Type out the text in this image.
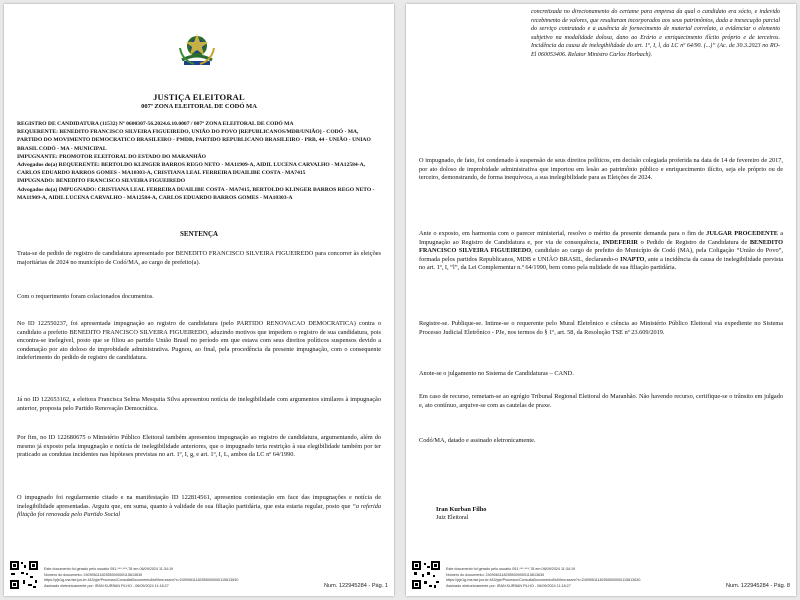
JUSTIÇA ELEITORAL
007ª ZONA ELEITORAL DE CODÓ MA
REGISTRO DE CANDIDATURA (11532) Nº 0600307-56.2024.6.10.0007 / 007ª ZONA ELEITORAL DE CODÓ MA
REQUERENTE: BENEDITO FRANCISCO SILVEIRA FIGUEIREDO, UNIÃO DO POVO [REPUBLICANOS/MDB/UNIÃO] - CODÓ - MA, PARTIDO DO MOVIMENTO DEMOCRATICO BRASILEIRO - PMDB, PARTIDO REPUBLICANO BRASILEIRO - PRB, 44 - UNIÃO - UNIAO BRASIL CODÓ - MA - MUNICIPAL
IMPUGNANTE: PROMOTOR ELEITORAL DO ESTADO DO MARANHÃO
Advogados do(a) REQUERENTE: BERTOLDO KLINGER BARROS REGO NETO - MA11909-A, AIDIL LUCENA CARVALHO - MA12584-A, CARLOS EDUARDO BARROS GOMES - MA10303-A, CRISTIANA LEAL FERREIRA DUAILIBE COSTA - MA7415
IMPUGNADO: BENEDITO FRANCISCO SILVEIRA FIGUEIREDO
Advogados do(a) IMPUGNADO: CRISTIANA LEAL FERREIRA DUAILIBE COSTA - MA7415, BERTOLDO KLINGER BARROS REGO NETO - MA11909-A, AIDIL LUCENA CARVALHO - MA12584-A, CARLOS EDUARDO BARROS GOMES - MA10303-A
SENTENÇA
Trata-se de pedido de registro de candidatura apresentado por BENEDITO FRANCISCO SILVEIRA FIGUEIREDO para concorrer às eleições majoritárias de 2024 no município de Codó/MA, ao cargo de prefeito(a).
Com o requerimento foram colacionados documentos.
No ID 122550237, foi apresentada impugnação ao registro de candidatura (pelo PARTIDO RENOVACAO DEMOCRATICA) contra o candidato a prefeito BENEDITO FRANCISCO SILVEIRA FIGUEIREDO, aduzindo motivos que impedem o registro de sua candidatura, pois encontra-se inelegível, posto que se filiou ao partido União Brasil no período em que estava com seus direitos políticos suspensos devido a condenação por ato doloso de improbidade administrativa. Pugnou, ao final, pela procedência da presente impugnação, com o consequente indeferimento do pedido de registro de candidatura.
Já no ID 122653162, a eleitora Francisca Selma Mesquita Silva apresentou notícia de inelegibilidade com argumentos similares à impugnação anterior, proposta pelo Partido Renovação Democrática.
Por fim, no ID 122680675 o Ministério Público Eleitoral também apresentou impugnação ao registro de candidatura, argumentando, além do mesmo já exposto pela impugnação e notícia de inelegibilidade anteriores, que o impugnado teria restrição à sua elegibilidade também por ter praticado as condutas incidentes nas hipóteses previstas no art. 1º, I, g, e art. 1º, I, L, ambos da LC nº 64/1990.
O impugnado foi regularmente citado e na manifestação ID 122814561, apresentou contestação em face das impugnações e notícia de inelegibilidade apresentadas. Arguiu que, em suma, quanto à validade de sua filiação partidária, que esta estaria regular, posto que “a referida filiação foi renovada pelo Partido Social
Este documento foi gerado pelo usuário 051.***.***-78 em 06/09/2024 11:34:19
Número do documento: 24090611182555000000115813630
https://pje1g-ma.tse.jus.br:443/pje/Processo/ConsultaDocumento/listView.seam?x=24090611182555000000115813630
Assinado eletronicamente por: IRAN KURBAN FILHO - 06/09/2024 11:18:27	Num. 122945284 - Pág. 1
concretizada no direcionamento do certame para empresa da qual o candidato era sócio, e indevido recebimento de valores, que resultaram incorporados aos seus patrimônios, dada a inexecução parcial do serviço contratado e a ausência de fornecimento de material correlato, a evidenciar o elemento subjetivo na modalidade dolosa, dano ao Erário e enriquecimento ilícito próprio e de terceiros. Incidência da causa de inelegibilidade do art. 1º, I, l, da LC nº 64/90. (...)” (Ac. de 30.3.2023 no RO-El 060053406. Relator Ministro Carlos Horbach).
O impugnado, de fato, foi condenado à suspensão de seus direitos políticos, em decisão colegiada proferida na data de 14 de fevereiro de 2017, por ato doloso de improbidade administrativa que importou em lesão ao patrimônio público e enriquecimento ilícito, seja ele próprio ou de terceiro, demonstrando, de forma inequívoca, a sua inelegibilidade para as Eleições de 2024.
Ante o exposto, em harmonia com o parecer ministerial, resolvo o mérito da presente demanda para o fim de JULGAR PROCEDENTE a Impugnação ao Registro de Candidatura e, por via de consequência, INDEFERIR o Pedido de Registro de Candidatura de BENEDITO FRANCISCO SILVEIRA FIGUEIREDO, candidato ao cargo de prefeito do Município de Codó (MA), pela Coligação “União do Povo”, formada pelos partidos Republicanos, MDB e UNIÃO BRASIL, declarando-o INAPTO, ante a incidência da causa de inelegibilidade prevista no art. 1º, I, “l”, da Lei Complementar n.º 64/1990, bem como pela nulidade de sua filiação partidária.
Registre-se. Publique-se. Intime-se o requerente pelo Mural Eletrônico e ciência ao Ministério Público Eleitoral via expediente no Sistema Processo Judicial Eletrônico - PJe, nos termos do § 1º, art. 58, da Resolução TSE nº 23.609/2019.
Anote-se o julgamento no Sistema de Candidaturas – CAND.
Em caso de recurso, remetam-se ao egrégio Tribunal Regional Eleitoral do Maranhão. Não havendo recurso, certifique-se o trânsito em julgado e, ato contínuo, arquive-se com as cautelas de praxe.
Codó/MA, datado e assinado eletronicamente.
Iran Kurban Filho
Juiz Eleitoral
Este documento foi gerado pelo usuário 051.***.***-78 em 06/09/2024 11:34:19
Número do documento: 24090611182555000000115813630
https://pje1g-ma.tse.jus.br:443/pje/Processo/ConsultaDocumento/listView.seam?x=24090611182555000000115813630
Assinado eletronicamente por: IRAN KURBAN FILHO - 06/09/2024 11:18:27	Num. 122945284 - Pág. 8
